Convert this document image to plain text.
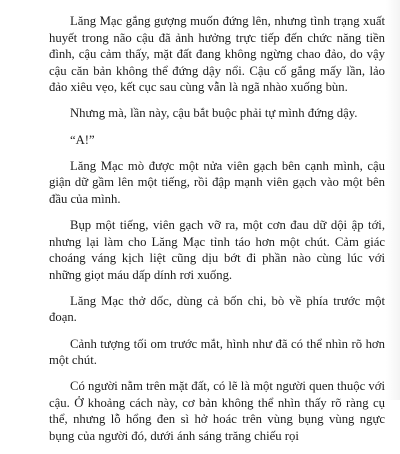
Lăng Mạc gắng gượng muốn đứng lên, nhưng tình trạng xuất huyết trong não cậu đã ảnh hưởng trực tiếp đến chức năng tiền đình, cậu cảm thấy, mặt đất đang không ngừng chao đảo, do vậy cậu căn bản không thể đứng dậy nổi. Cậu cố gắng mấy lần, lảo đảo xiêu vẹo, kết cục sau cùng vẫn là ngã nhào xuống bùn.

Nhưng mà, lần này, cậu bắt buộc phải tự mình đứng dậy.

“A!”

Lăng Mạc mò được một nửa viên gạch bên cạnh mình, cậu giận dữ gầm lên một tiếng, rồi đập mạnh viên gạch vào một bên đầu của mình.

Bụp một tiếng, viên gạch vỡ ra, một cơn đau dữ dội ập tới, nhưng lại làm cho Lăng Mạc tỉnh táo hơn một chút. Cảm giác choáng váng kịch liệt cũng dịu bớt đi phần nào cùng lúc với những giọt máu dấp dính rơi xuống.

Lăng Mạc thở dốc, dùng cả bốn chi, bò về phía trước một đoạn.

Cảnh tượng tối om trước mắt, hình như đã có thể nhìn rõ hơn một chút.

Có người nằm trên mặt đất, có lẽ là một người quen thuộc với cậu. Ở khoảng cách này, cơ bản không thể nhìn thấy rõ ràng cụ thể, nhưng lỗ hổng đen sì hở hoác trên vùng bụng vùng ngực bụng của người đó, dưới ánh sáng trăng chiếu rọi
